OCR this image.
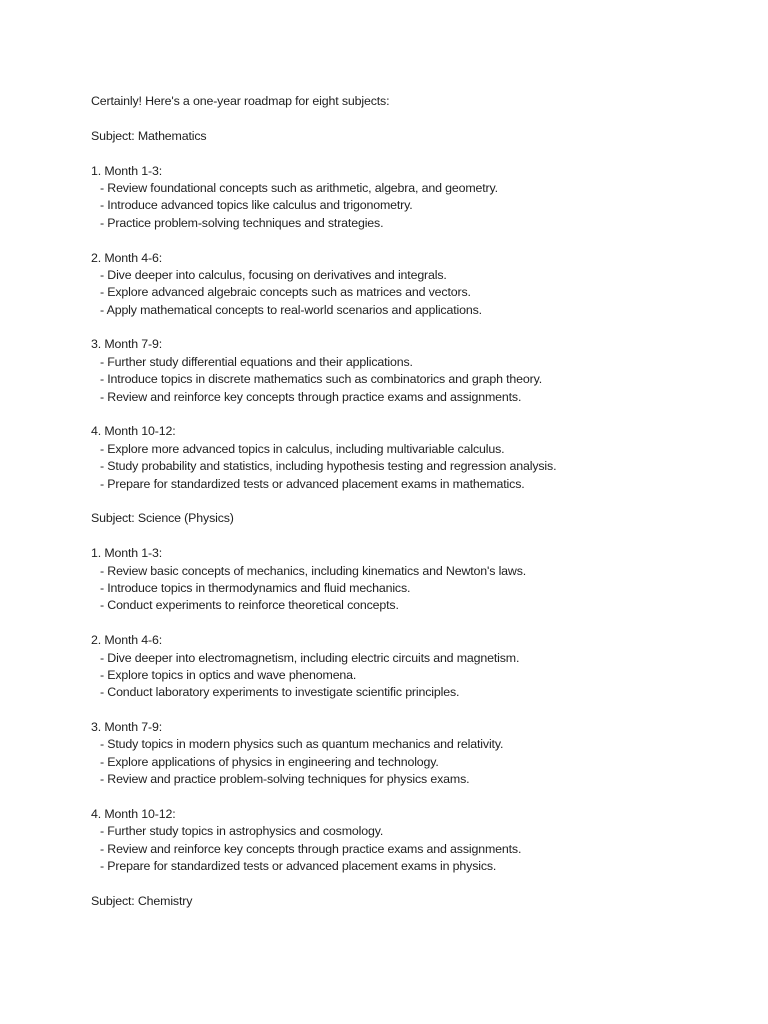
Certainly! Here's a one-year roadmap for eight subjects:
Subject: Mathematics
1. Month 1-3:
- Review foundational concepts such as arithmetic, algebra, and geometry.
- Introduce advanced topics like calculus and trigonometry.
- Practice problem-solving techniques and strategies.
2. Month 4-6:
- Dive deeper into calculus, focusing on derivatives and integrals.
- Explore advanced algebraic concepts such as matrices and vectors.
- Apply mathematical concepts to real-world scenarios and applications.
3. Month 7-9:
- Further study differential equations and their applications.
- Introduce topics in discrete mathematics such as combinatorics and graph theory.
- Review and reinforce key concepts through practice exams and assignments.
4. Month 10-12:
- Explore more advanced topics in calculus, including multivariable calculus.
- Study probability and statistics, including hypothesis testing and regression analysis.
- Prepare for standardized tests or advanced placement exams in mathematics.
Subject: Science (Physics)
1. Month 1-3:
- Review basic concepts of mechanics, including kinematics and Newton's laws.
- Introduce topics in thermodynamics and fluid mechanics.
- Conduct experiments to reinforce theoretical concepts.
2. Month 4-6:
- Dive deeper into electromagnetism, including electric circuits and magnetism.
- Explore topics in optics and wave phenomena.
- Conduct laboratory experiments to investigate scientific principles.
3. Month 7-9:
- Study topics in modern physics such as quantum mechanics and relativity.
- Explore applications of physics in engineering and technology.
- Review and practice problem-solving techniques for physics exams.
4. Month 10-12:
- Further study topics in astrophysics and cosmology.
- Review and reinforce key concepts through practice exams and assignments.
- Prepare for standardized tests or advanced placement exams in physics.
Subject: Chemistry
